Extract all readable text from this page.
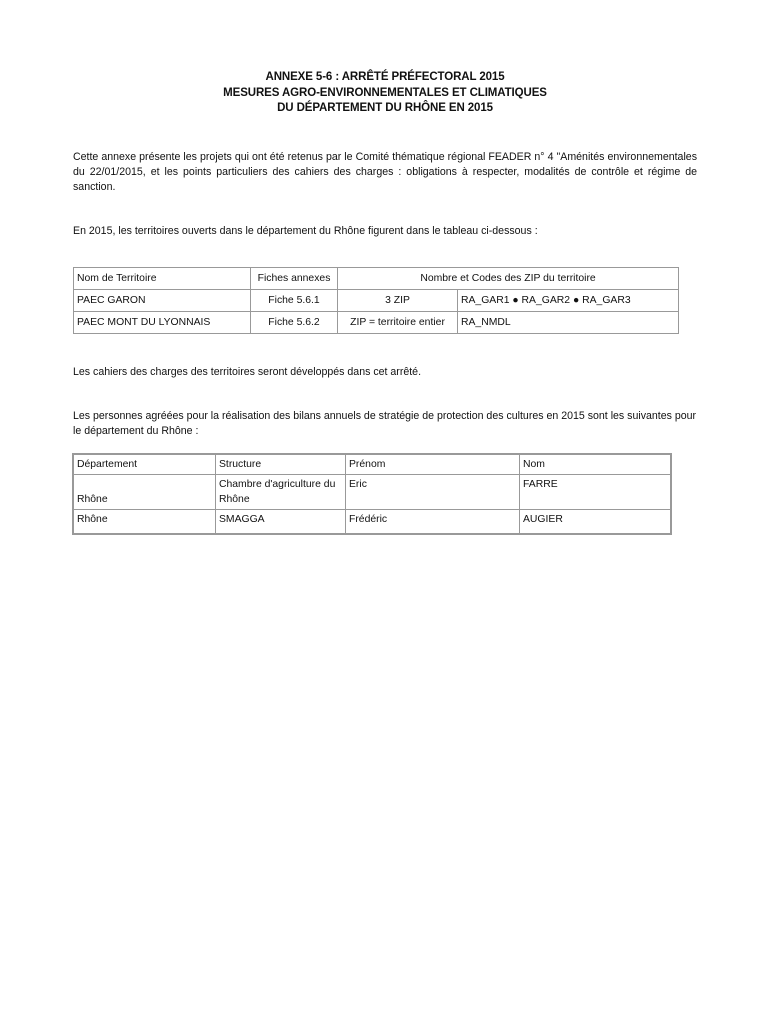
ANNEXE 5-6 : ARRÊTÉ PRÉFECTORAL 2015
MESURES AGRO-ENVIRONNEMENTALES ET CLIMATIQUES
DU DÉPARTEMENT DU RHÔNE EN 2015

Cette annexe présente les projets qui ont été retenus par le Comité thématique régional FEADER n° 4 "Aménités environnementales du 22/01/2015, et les points particuliers des cahiers des charges : obligations à respecter, modalités de contrôle et régime de sanction.

En 2015, les territoires ouverts dans le département du Rhône figurent dans le tableau ci-dessous :

Nom de Territoire	Fiches annexes	Nombre et Codes des ZIP du territoire	
PAEC GARON	Fiche 5.6.1	3 ZIP	RA_GAR1 ● RA_GAR2 ● RA_GAR3
PAEC MONT DU LYONNAIS	Fiche 5.6.2	ZIP = territoire entier	RA_NMDL

Les cahiers des charges des territoires seront développés dans cet arrêté.

Les personnes agréées pour la réalisation des bilans annuels de stratégie de protection des cultures en 2015 sont les suivantes pour le département du Rhône :

Département	Structure	Prénom	Nom
Rhône	Chambre d'agriculture du Rhône	Eric	FARRE
Rhône	SMAGGA	Frédéric	AUGIER
